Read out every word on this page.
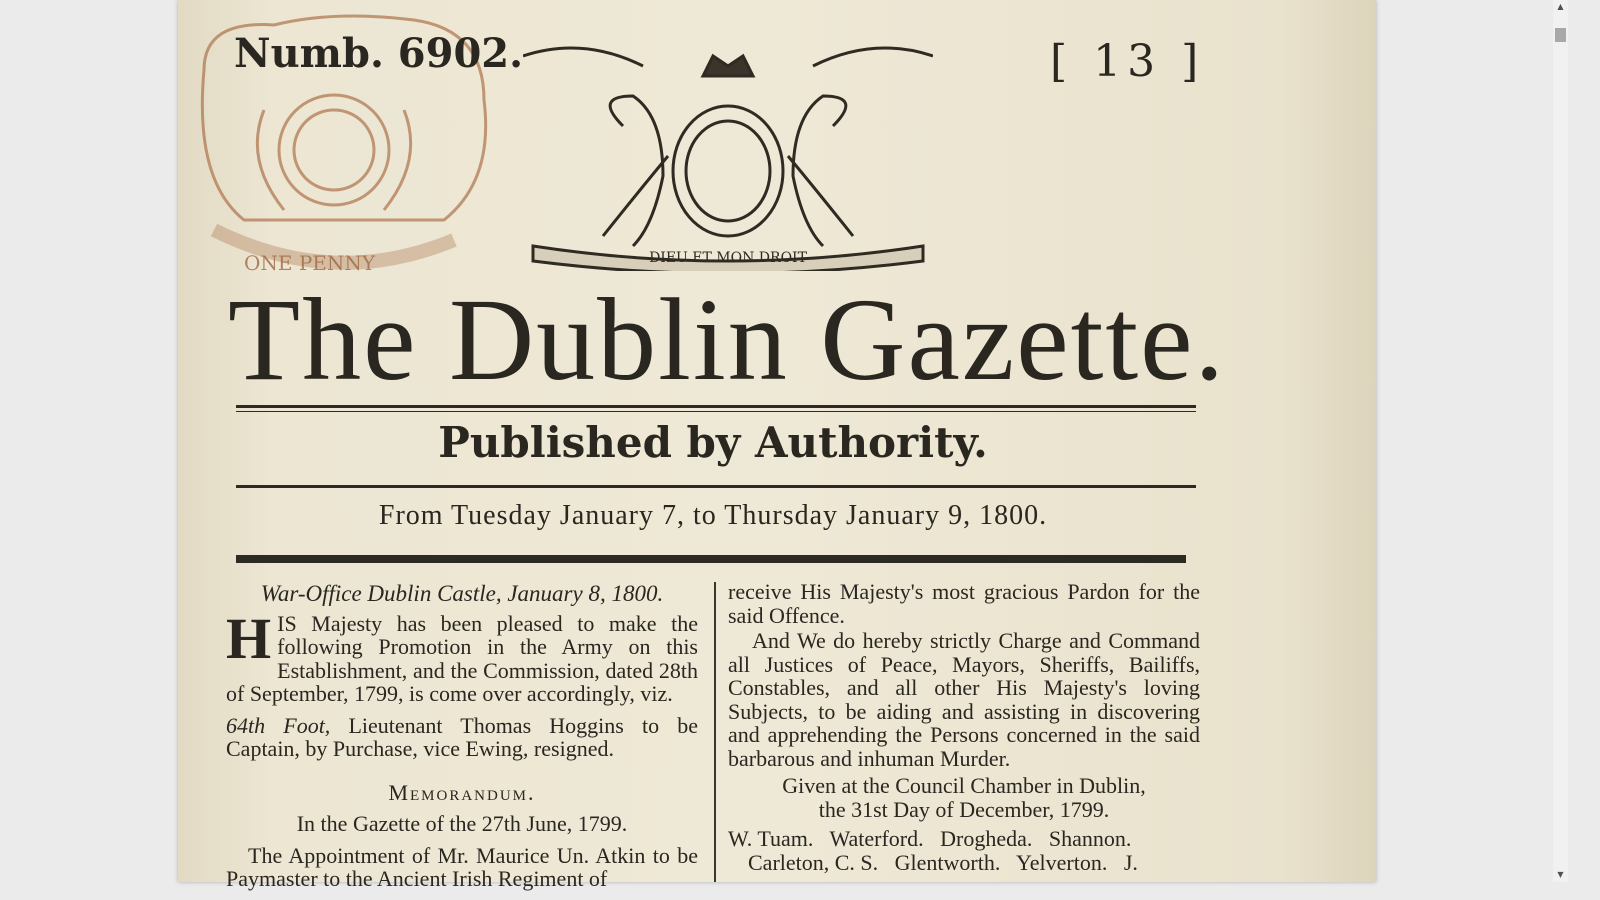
ONE PENNY	DIEU ET MON DROIT
Numb. 6902.	[ 13 ]
The Dublin Gazette.
Published by Authority.
From Tuesday January 7, to Thursday January 9, 1800.

War-Office Dublin Castle, January 8, 1800.

HIS Majesty has been pleased to make the following Promotion in the Army on this Establishment, and the Commission, dated 28th of September, 1799, is come over accordingly, viz.

64th Foot, Lieutenant Thomas Hoggins to be Captain, by Purchase, vice Ewing, resigned.

Memorandum.

In the Gazette of the 27th June, 1799.

The Appointment of Mr. Maurice Un. Atkin to be Paymaster to the Ancient Irish Regiment of

receive His Majesty's most gracious Pardon for the said Offence.

And We do hereby strictly Charge and Command all Justices of Peace, Mayors, Sheriffs, Bailiffs, Constables, and all other His Majesty's loving Subjects, to be aiding and assisting in discovering and apprehending the Persons concerned in the said barbarous and inhuman Murder.

Given at the Council Chamber in Dublin,

the 31st Day of December, 1799.

W. Tuam.   Waterford.   Drogheda.   Shannon.

Carleton, C. S.   Glentworth.   Yelverton.   J.

▲
▼
